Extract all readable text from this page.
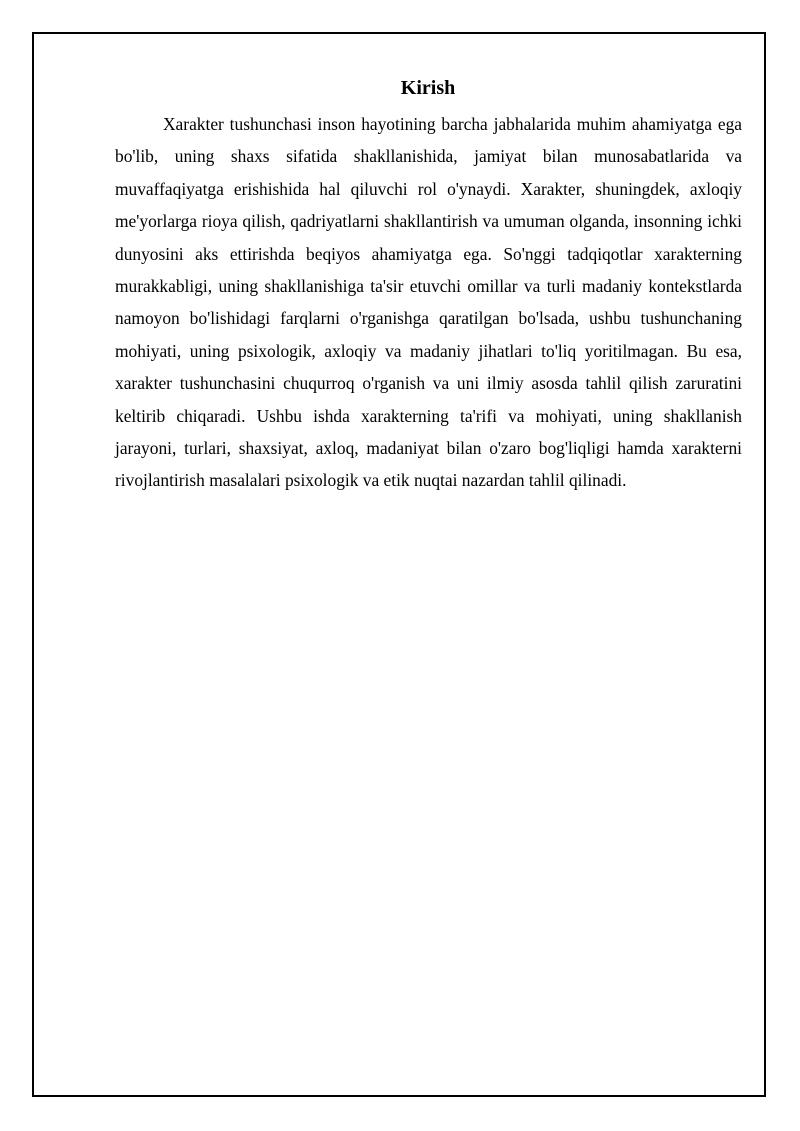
Kirish

Xarakter tushunchasi inson hayotining barcha jabhalarida muhim ahamiyatga ega bo'lib, uning shaxs sifatida shakllanishida, jamiyat bilan munosabatlarida va muvaffaqiyatga erishishida hal qiluvchi rol o'ynaydi. Xarakter, shuningdek, axloqiy me'yorlarga rioya qilish, qadriyatlarni shakllantirish va umuman olganda, insonning ichki dunyosini aks ettirishda beqiyos ahamiyatga ega. So'nggi tadqiqotlar xarakterning murakkabligi, uning shakllanishiga ta'sir etuvchi omillar va turli madaniy kontekstlarda namoyon bo'lishidagi farqlarni o'rganishga qaratilgan bo'lsada, ushbu tushunchaning mohiyati, uning psixologik, axloqiy va madaniy jihatlari to'liq yoritilmagan. Bu esa, xarakter tushunchasini chuqurroq o'rganish va uni ilmiy asosda tahlil qilish zaruratini keltirib chiqaradi. Ushbu ishda xarakterning ta'rifi va mohiyati, uning shakllanish jarayoni, turlari, shaxsiyat, axloq, madaniyat bilan o'zaro bog'liqligi hamda xarakterni rivojlantirish masalalari psixologik va etik nuqtai nazardan tahlil qilinadi.
